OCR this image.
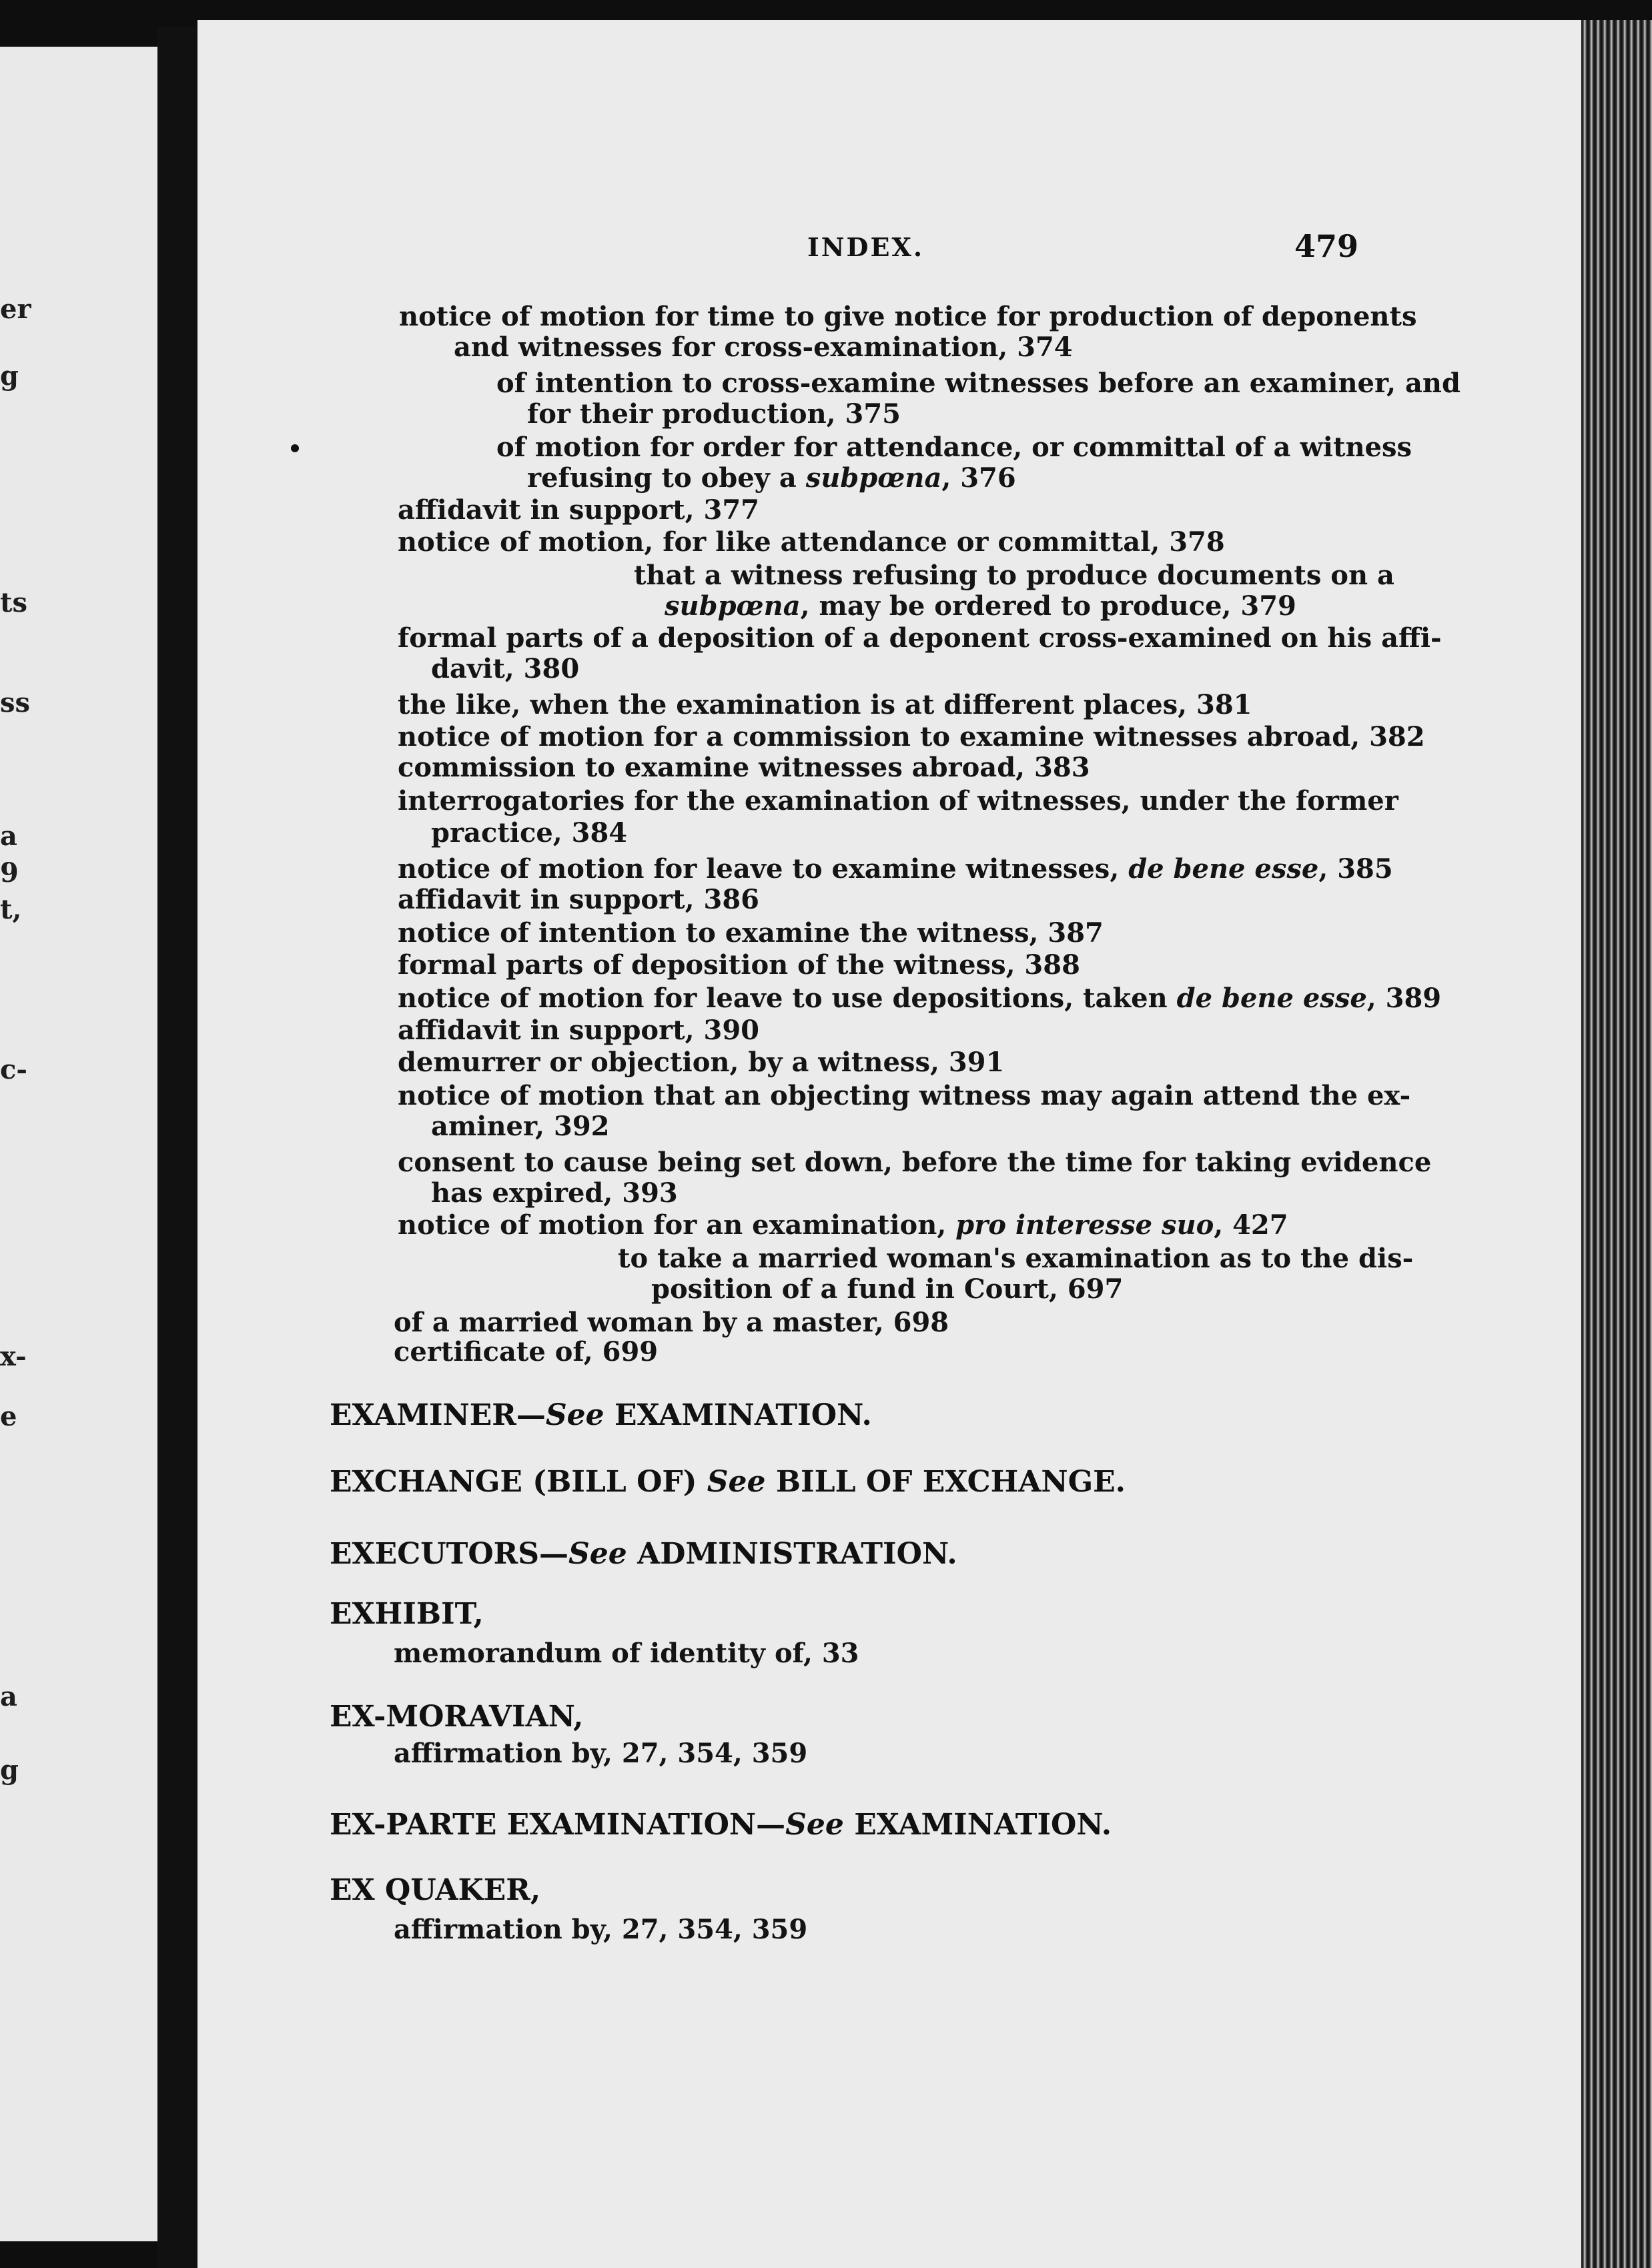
er
g
ts
ss
a
9
t,
c-
x-
e
a
g
INDEX.	479
notice of motion for time to give notice for production of deponents
and witnesses for cross-examination, 374
of intention to cross-examine witnesses before an examiner, and
for their production, 375
of motion for order for attendance, or committal of a witness
refusing to obey a subpœna, 376
affidavit in support, 377
notice of motion, for like attendance or committal, 378
that a witness refusing to produce documents on a
subpœna, may be ordered to produce, 379
formal parts of a deposition of a deponent cross-examined on his affi-
davit, 380
the like, when the examination is at different places, 381
notice of motion for a commission to examine witnesses abroad, 382
commission to examine witnesses abroad, 383
interrogatories for the examination of witnesses, under the former
practice, 384
notice of motion for leave to examine witnesses, de bene esse, 385
affidavit in support, 386
notice of intention to examine the witness, 387
formal parts of deposition of the witness, 388
notice of motion for leave to use depositions, taken de bene esse, 389
affidavit in support, 390
demurrer or objection, by a witness, 391
notice of motion that an objecting witness may again attend the ex-
aminer, 392
consent to cause being set down, before the time for taking evidence
has expired, 393
notice of motion for an examination, pro interesse suo, 427
to take a married woman's examination as to the dis-
position of a fund in Court, 697
of a married woman by a master, 698
certificate of, 699
EXAMINER—See EXAMINATION.
EXCHANGE (BILL OF) See BILL OF EXCHANGE.
EXECUTORS—See ADMINISTRATION.
EXHIBIT,
memorandum of identity of, 33
EX-MORAVIAN,
affirmation by, 27, 354, 359
EX-PARTE EXAMINATION—See EXAMINATION.
EX QUAKER,
affirmation by, 27, 354, 359
